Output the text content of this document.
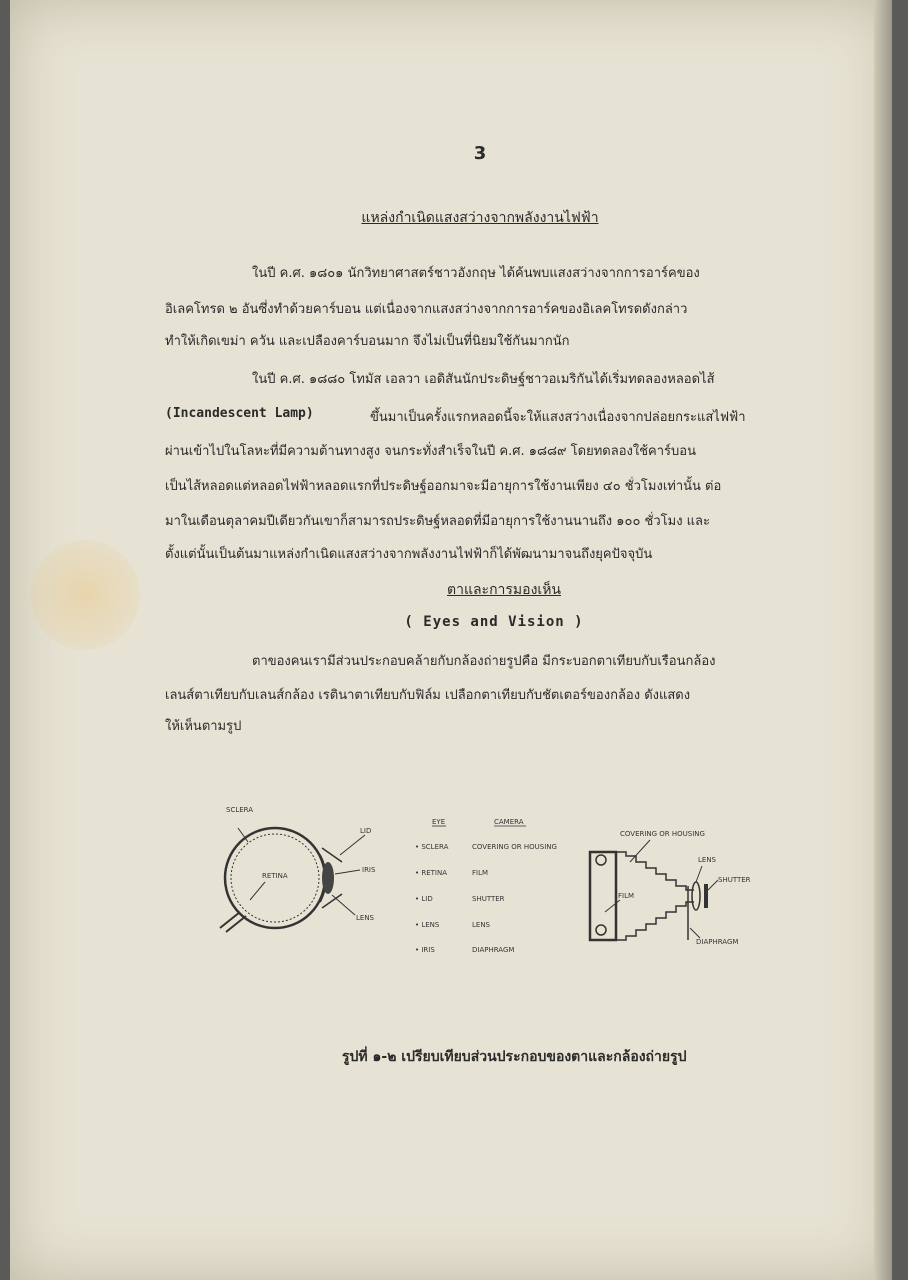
3
แหล่งกำเนิดแสงสว่างจากพลังงานไฟฟ้า
ในปี ค.ศ. ๑๘๐๑ นักวิทยาศาสตร์ชาวอังกฤษ ได้ค้นพบแสงสว่างจากการอาร์คของ
อิเลคโทรด ๒ อันซึ่งทำด้วยคาร์บอน แต่เนื่องจากแสงสว่างจากการอาร์คของอิเลคโทรดดังกล่าว
ทำให้เกิดเขม่า ควัน และเปลืองคาร์บอนมาก จึงไม่เป็นที่นิยมใช้กันมากนัก
ในปี ค.ศ. ๑๘๘๐ โทมัส เอลวา เอดิสันนักประดิษฐ์ชาวอเมริกันได้เริ่มทดลองหลอดไส้
(Incandescent Lamp)	ขึ้นมาเป็นครั้งแรกหลอดนี้จะให้แสงสว่างเนื่องจากปล่อยกระแสไฟฟ้า
ผ่านเข้าไปในโลหะที่มีความต้านทางสูง จนกระทั่งสำเร็จในปี ค.ศ. ๑๘๘๙ โดยทดลองใช้คาร์บอน
เป็นไส้หลอดแต่หลอดไฟฟ้าหลอดแรกที่ประดิษฐ์ออกมาจะมีอายุการใช้งานเพียง ๔๐ ชั่วโมงเท่านั้น ต่อ
มาในเดือนตุลาคมปีเดียวกันเขาก็สามารถประดิษฐ์หลอดที่มีอายุการใช้งานนานถึง ๑๐๐ ชั่วโมง และ
ตั้งแต่นั้นเป็นต้นมาแหล่งกำเนิดแสงสว่างจากพลังงานไฟฟ้าก็ได้พัฒนามาจนถึงยุคปัจจุบัน
ตาและการมองเห็น
( Eyes and Vision )
ตาของคนเรามีส่วนประกอบคล้ายกับกล้องถ่ายรูปคือ มีกระบอกตาเทียบกับเรือนกล้อง
เลนส์ตาเทียบกับเลนส์กล้อง เรตินาตาเทียบกับฟิล์ม เปลือกตาเทียบกับชัตเตอร์ของกล้อง ดังแสดง
ให้เห็นตามรูป
SCLERA
LID
RETINA
IRIS
LENS
EYE	CAMERA
• SCLERA	COVERING OR HOUSING
• RETINA	FILM
• LID	SHUTTER
• LENS	LENS
• IRIS	DIAPHRAGM
COVERING OR HOUSING
LENS
SHUTTER
FILM
DIAPHRAGM
รูปที่ ๑-๒ เปรียบเทียบส่วนประกอบของตาและกล้องถ่ายรูป
